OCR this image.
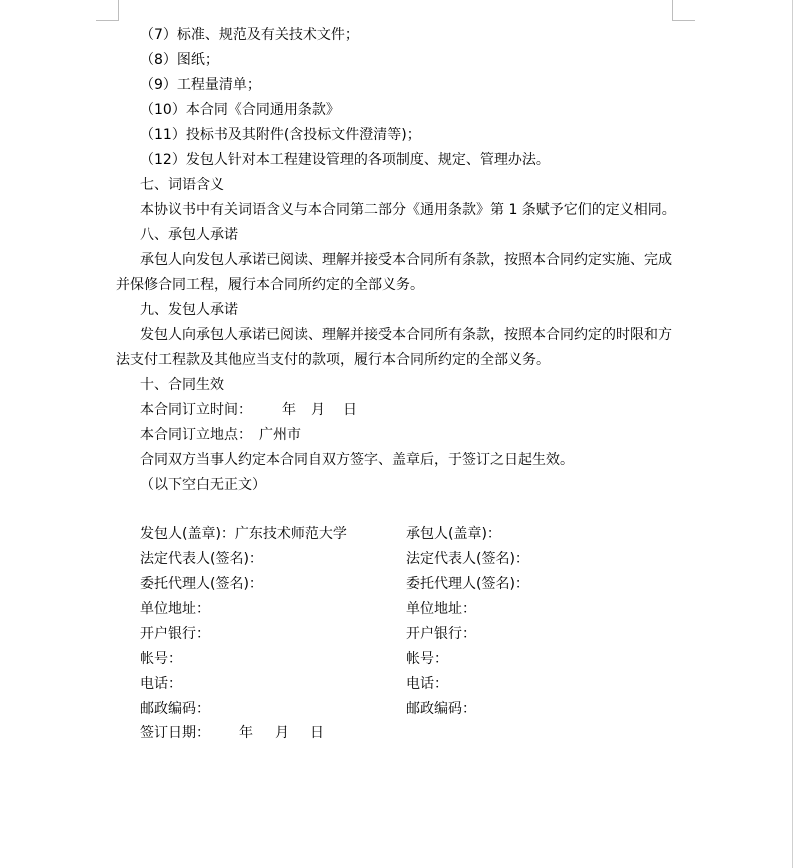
（7）标准、规范及有关技术文件；
（8）图纸；
（9）工程量清单；
（10）本合同《合同通用条款》
（11）投标书及其附件(含投标文件澄清等)；
（12）发包人针对本工程建设管理的各项制度、规定、管理办法。
七、词语含义
本协议书中有关词语含义与本合同第二部分《通用条款》第 1 条赋予它们的定义相同。
八、承包人承诺
承包人向发包人承诺已阅读、理解并接受本合同所有条款，按照本合同约定实施、完成
并保修合同工程，履行本合同所约定的全部义务。
九、发包人承诺
发包人向承包人承诺已阅读、理解并接受本合同所有条款，按照本合同约定的时限和方
法支付工程款及其他应当支付的款项，履行本合同所约定的全部义务。
十、合同生效
本合同订立时间： 年 月 日
本合同订立地点： 广州市
合同双方当事人约定本合同自双方签字、盖章后，于签订之日起生效。
（以下空白无正文）
发包人(盖章)：广东技术师范大学
法定代表人(签名)：
委托代理人(签名)：
单位地址：
开户银行：
帐号：
电话：
邮政编码：
签订日期： 年 月 日
承包人(盖章)：
法定代表人(签名)：
委托代理人(签名)：
单位地址：
开户银行：
帐号：
电话：
邮政编码：
